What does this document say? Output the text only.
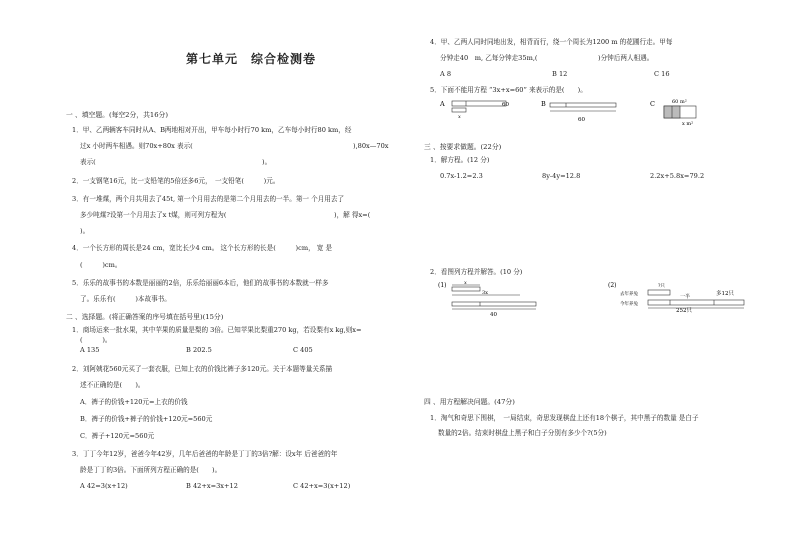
第七单元　综合检测卷
一 、填空题。(每空2分，共16分)
1．甲、乙两辆客车同时从A、B两地相对开出，甲车每小时行70 km，乙车每小时行80 km，经
过x 小时两车相遇。则70x+80x 表示(	),80x—70x
表示(	)。
2．一支钢笔16元，比一支铅笔的5倍还多6元，　一支铅笔(　　　)元。
3．有一堆煤，两个月共用去了45t, 第一个月用去的是第二个月用去的一半。第一 个月用去了
多少吨煤?设第一个月用去了x t煤，则可列方程为(	)，解 得x=(
)。
4．一个长方形的周长是24 cm，宽比长少4 cm。 这个长方形的长是(　　　)cm， 宽 是
(　　　)cm。
5．乐乐的故事书的本数是丽丽的2倍，乐乐给丽丽6本后，他们的故事书的本数就一样多
了。乐乐有(　　　)本故事书。
二 、选择题。(将正确答案的序号填在括号里)(15分)
1．商场运来一批水果，其中苹果的质量是梨的 3倍。已知苹果比梨重270 kg，若设梨有x kg,则x=
(　　　)。
A 135	B 202.5	C 405
2．刘阿姨花560元买了一套衣服，已知上衣的价钱比裤子多120元。关于本题等量关系描
述不正确的是(　　)。
A．裤子的价钱+120元=上衣的价钱
B．裤子的价钱+裤子的价钱+120元=560元
C．裤子+120元=560元
3．丁丁今年12岁，爸爸今年42岁，几年后爸爸的年龄是丁丁的3倍?解：设x年 后爸爸的年
龄是丁丁的3倍。下面所列方程正确的是(　　)。
A 42=3(x+12)	B 42+x=3x+12	C 42+x=3(x+12)
4．甲、乙两人同时同地出发，相背而行，绕一个周长为1200 m 的花圃行走。甲每
分钟走40　m, 乙每分钟走35m,(	)分钟后两人相遇。
A 8	B 12	C 16
5．下面不能用方程 “3x+x=60” 来表示的是(　　)。
A
x
60	B
60
C	60 m²
x m²
三 、按要求做题。(22分)
1．解方程。(12 分)
0.7x-1.2=2.3	8y-4y=12.8	2.2x+5.8x=79.2
2．看图列方程并解答。(10 分)
(1)	x
3x
40
(2)
去年养兔
今年养兔
?只
一半	多12只
252只
四 、用方程解决问题。(47分)
1．淘气和奇思下围棋，　一局结束，奇思发现棋盘上还有18个棋子，其中黑子的数量 是白子
数量的2倍。结束时棋盘上黑子和白子分别有多少个?(5分)
